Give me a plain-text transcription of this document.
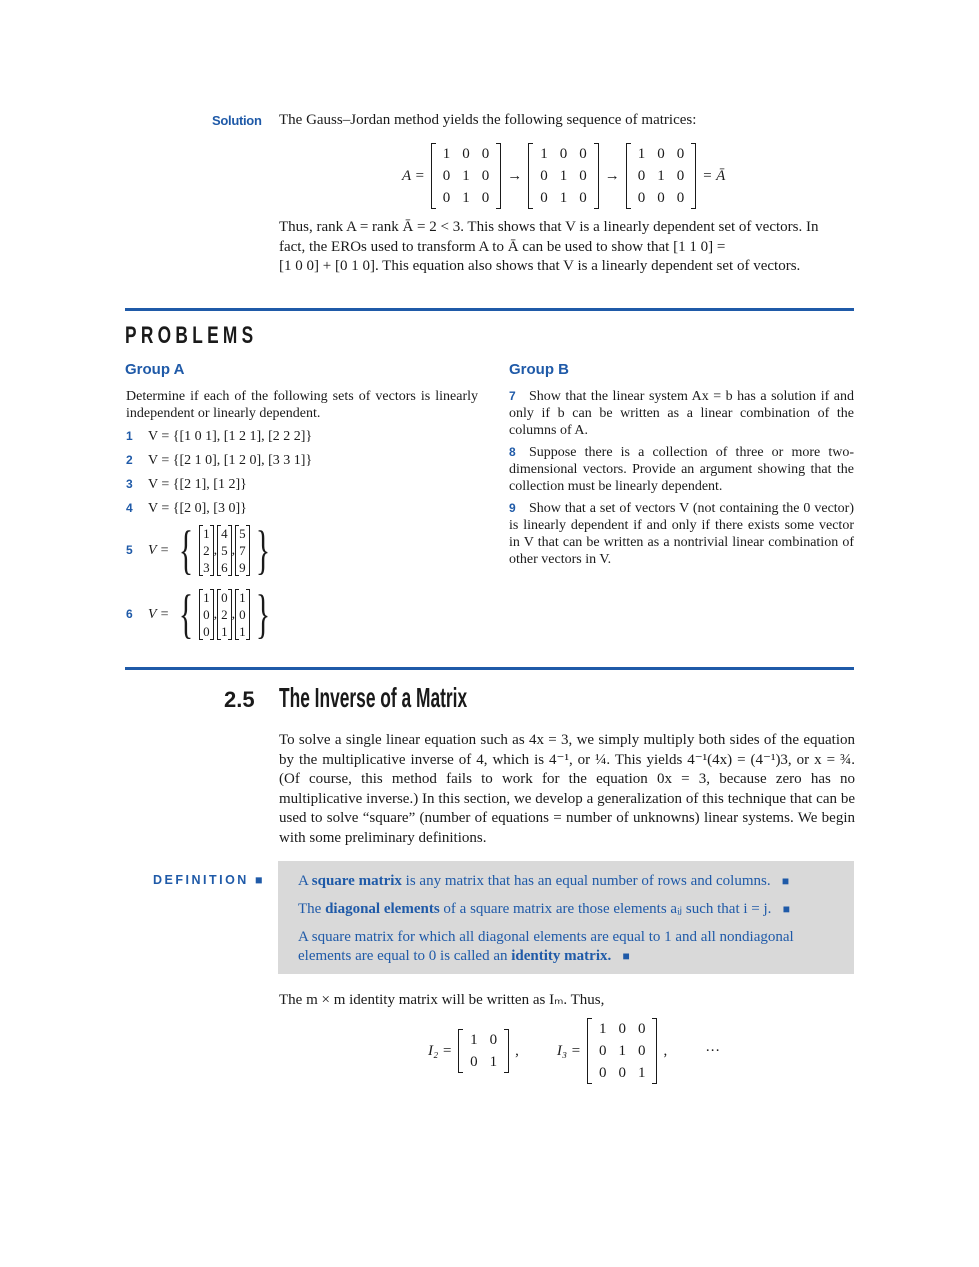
Solution The Gauss–Jordan method yields the following sequence of matrices:
A =
1	0	0
0	1	0
0	1	0
→
1	0	0
0	1	0
0	1	0
→
1	0	0
0	1	0
0	0	0
= Ā
Thus, rank A = rank Ā = 2 < 3. This shows that V is a linearly dependent set of vectors. In
fact, the EROs used to transform A to Ā can be used to show that [1 1 0] =
[1 0 0] + [0 1 0]. This equation also shows that V is a linearly dependent set of vectors.
PROBLEMS
Group A
Determine if each of the following sets of vectors is linearly independent or linearly dependent.
1 V = {[1 0 1], [1 2 1], [2 2 2]}
2 V = {[2 1 0], [1 2 0], [3 3 1]}
3 V = {[2 1], [1 2]}
4 V = {[2 0], [3 0]}
5	V = { 1
2
3
,
4
5
6
,
5
7
9 }
6	V = { 1
0
0
,
0
2
1
,
1
0
1 }
Group B
7 Show that the linear system Ax = b has a solution if and only if b can be written as a linear combination of the columns of A.
8 Suppose there is a collection of three or more two-dimensional vectors. Provide an argument showing that the collection must be linearly dependent.
9 Show that a set of vectors V (not containing the 0 vector) is linearly dependent if and only if there exists some vector in V that can be written as a nontrivial linear combination of other vectors in V.
2.5 The Inverse of a Matrix
To solve a single linear equation such as 4x = 3, we simply multiply both sides of the equation by the multiplicative inverse of 4, which is 4⁻¹, or ¼. This yields 4⁻¹(4x) = (4⁻¹)3, or x = ¾. (Of course, this method fails to work for the equation 0x = 3, because zero has no multiplicative inverse.) In this section, we develop a generalization of this technique that can be used to solve “square” (number of equations = number of unknowns) linear systems. We begin with some preliminary definitions.
DEFINITION ■ A square matrix is any matrix that has an equal number of rows and columns. ■

The diagonal elements of a square matrix are those elements aᵢⱼ such that i = j. ■

A square matrix for which all diagonal elements are equal to 1 and all nondiagonal elements are equal to 0 is called an identity matrix. ■

The m × m identity matrix will be written as Iₘ. Thus,
I₂ =
1	0
0	1
,	I₃ =
1	0	0
0	1	0
0	0	1
,	···
